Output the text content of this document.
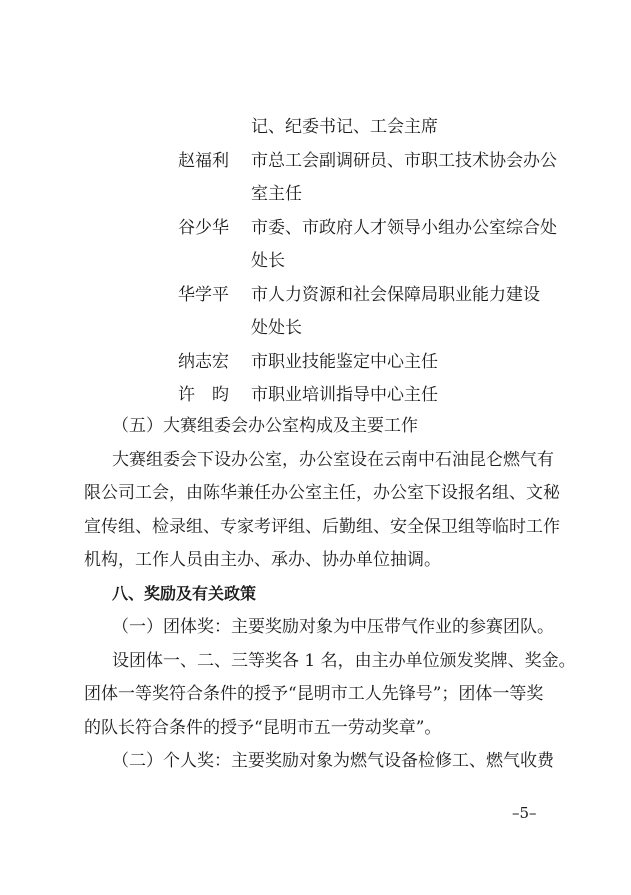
记、纪委书记、工会主席
赵福利 市总工会副调研员、市职工技术协会办公
室主任
谷少华 市委、市政府人才领导小组办公室综合处
处长
华学平 市人力资源和社会保障局职业能力建设
处处长
纳志宏 市职业技能鉴定中心主任
许　昀 市职业培训指导中心主任
（五）大赛组委会办公室构成及主要工作
大赛组委会下设办公室，办公室设在云南中石油昆仑燃气有
限公司工会，由陈华兼任办公室主任，办公室下设报名组、文秘
宣传组、检录组、专家考评组、后勤组、安全保卫组等临时工作
机构，工作人员由主办、承办、协办单位抽调。
八、奖励及有关政策
（一）团体奖：主要奖励对象为中压带气作业的参赛团队。
设团体一、二、三等奖各 1 名，由主办单位颁发奖牌、奖金。
团体一等奖符合条件的授予“昆明市工人先锋号”；团体一等奖
的队长符合条件的授予“昆明市五一劳动奖章”。
（二）个人奖：主要奖励对象为燃气设备检修工、燃气收费
–5–
